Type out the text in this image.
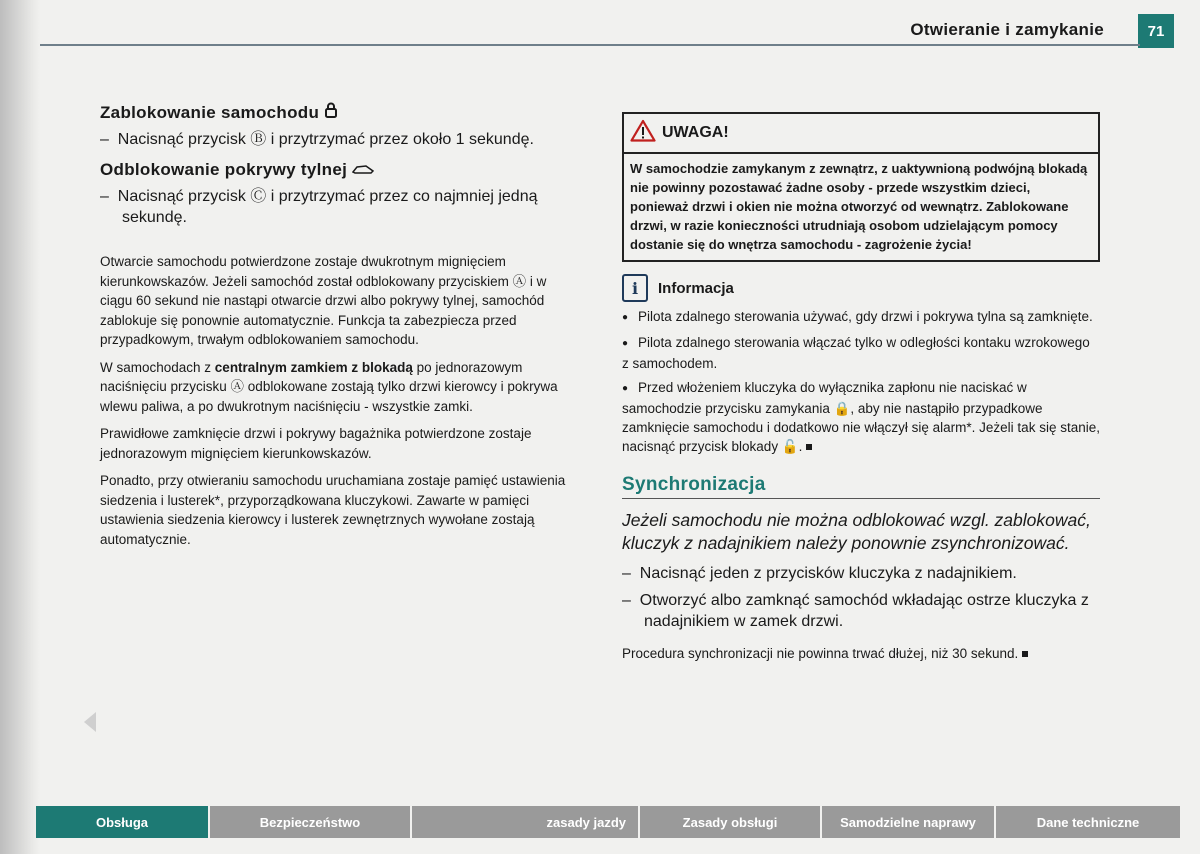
Otwieranie i zamykanie	71
Zablokowanie samochodu

–  Nacisnąć przycisk Ⓑ i przytrzymać przez około 1 sekundę.

Odblokowanie pokrywy tylnej

–  Nacisnąć przycisk Ⓒ i przytrzymać przez co najmniej jedną sekundę.

Otwarcie samochodu potwierdzone zostaje dwukrotnym mignięciem kierunkowskazów. Jeżeli samochód został odblokowany przyciskiem Ⓐ i w ciągu 60 sekund nie nastąpi otwarcie drzwi albo pokrywy tylnej, samochód zablokuje się ponownie automatycznie. Funkcja ta zabezpiecza przed przypadkowym, trwałym odblokowaniem samochodu.

W samochodach z centralnym zamkiem z blokadą po jednorazowym naciśnięciu przycisku Ⓐ odblokowane zostają tylko drzwi kierowcy i pokrywa wlewu paliwa, a po dwukrotnym naciśnięciu - wszystkie zamki.

Prawidłowe zamknięcie drzwi i pokrywy bagażnika potwierdzone zostaje jednorazowym mignięciem kierunkowskazów.

Ponadto, przy otwieraniu samochodu uruchamiana zostaje pamięć ustawienia siedzenia i lusterek*, przyporządkowana kluczykowi. Zawarte w pamięci ustawienia siedzenia kierowcy i lusterek zewnętrznych wywołane zostają automatycznie.

UWAGA!
W samochodzie zamykanym z zewnątrz, z uaktywnioną podwójną blokadą nie powinny pozostawać żadne osoby - przede wszystkim dzieci, ponieważ drzwi i okien nie można otworzyć od wewnątrz. Zablokowane drzwi, w razie konieczności utrudniają osobom udzielającym pomocy dostanie się do wnętrza samochodu - zagrożenie życia!
i	Informacja

● Pilota zdalnego sterowania używać, gdy drzwi i pokrywa tylna są zamknięte.

● Pilota zdalnego sterowania włączać tylko w odległości kontaku wzrokowego z samochodem.

● Przed włożeniem kluczyka do wyłącznika zapłonu nie naciskać w samochodzie przycisku zamykania 🔒, aby nie nastąpiło przypadkowe zamknięcie samochodu i dodatkowo nie włączył się alarm*. Jeżeli tak się stanie, nacisnąć przycisk blokady 🔓.

Synchronizacja

Jeżeli samochodu nie można odblokować wzgl. zablokować, kluczyk z nadajnikiem należy ponownie zsynchronizować.

–  Nacisnąć jeden z przycisków kluczyka z nadajnikiem.

–  Otworzyć albo zamknąć samochód wkładając ostrze kluczyka z nadajnikiem w zamek drzwi.

Procedura synchronizacji nie powinna trwać dłużej, niż 30 sekund.

Obsługa	Bezpieczeństwo	zasady jazdy	Zasady obsługi	Samodzielne naprawy	Dane techniczne
